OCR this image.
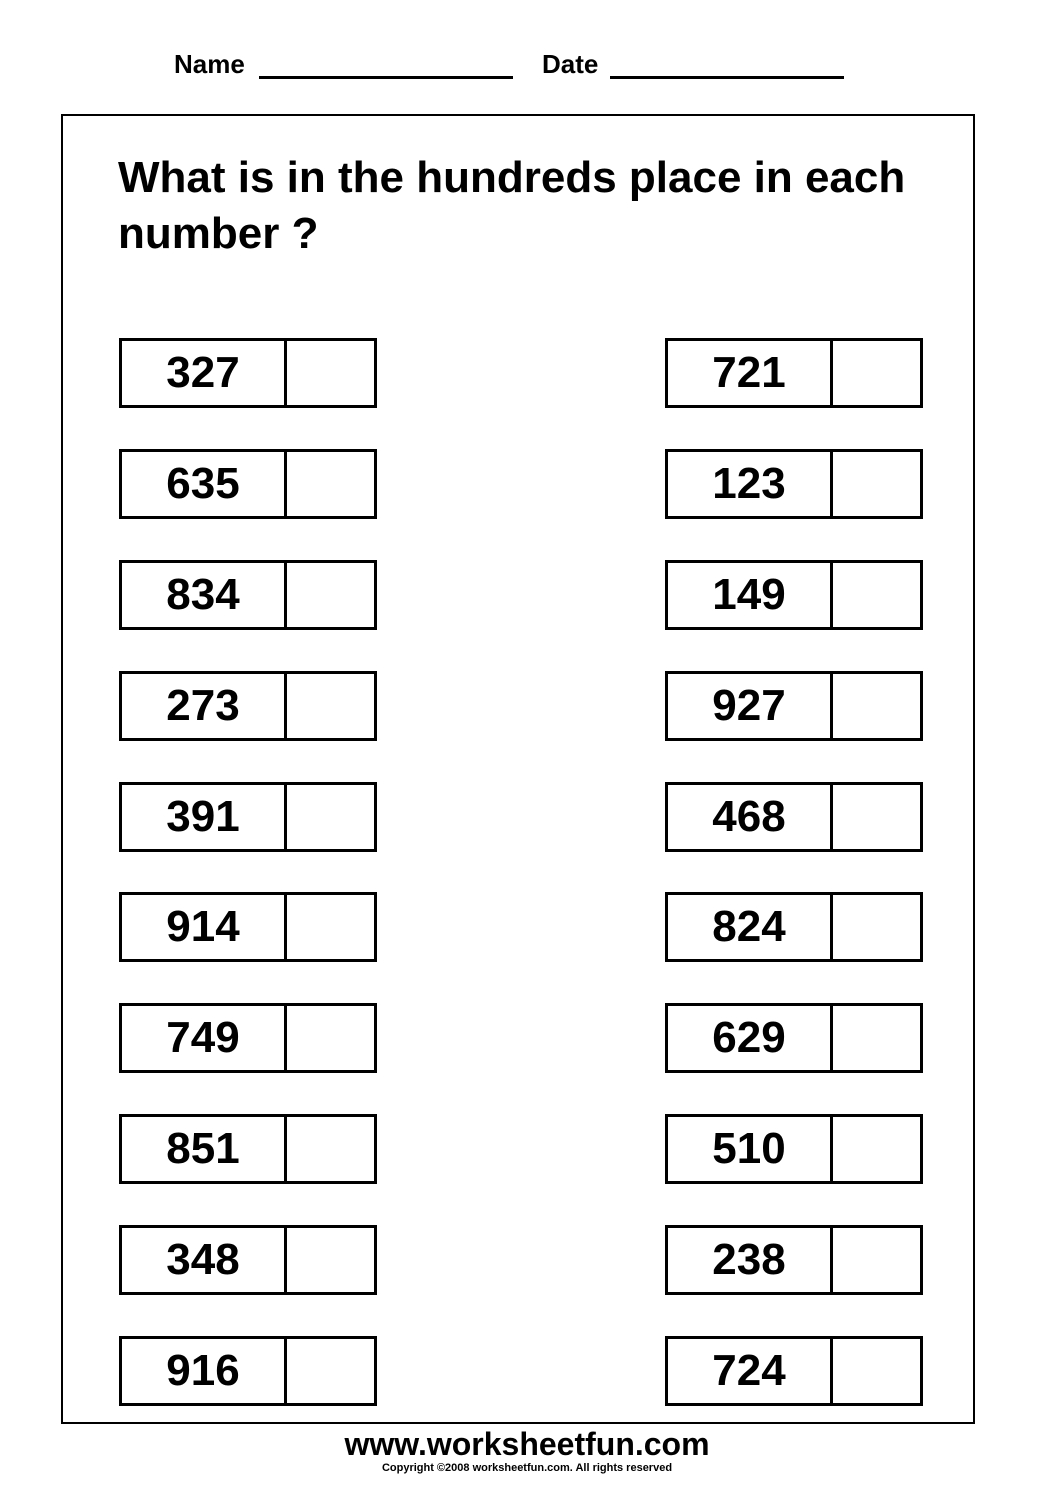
Name	Date
What is in the hundreds place in each number ?
327
635
834
273
391
914
749
851
348
916
721
123
149
927
468
824
629
510
238
724
www.worksheetfun.com
Copyright ©2008 worksheetfun.com. All rights reserved
